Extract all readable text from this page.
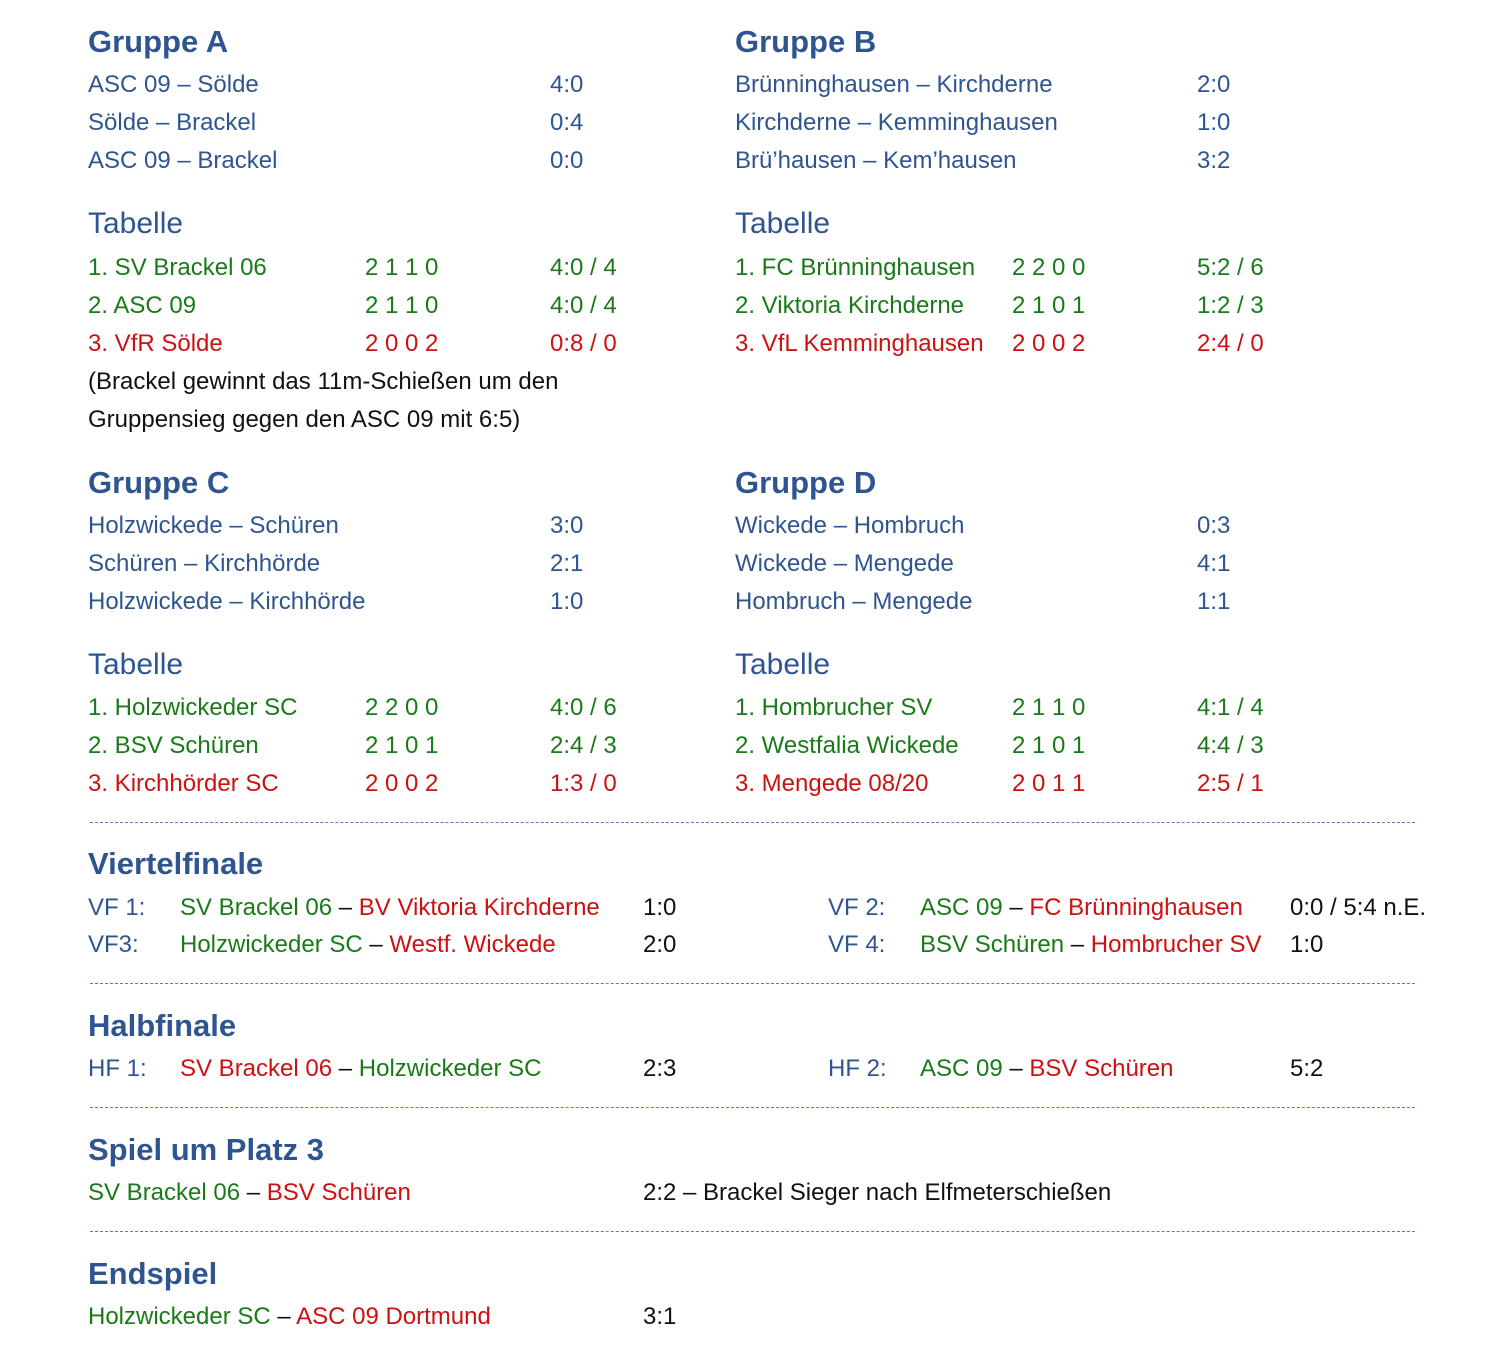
Gruppe A
ASC 09 – Sölde	4:0
Sölde – Brackel	0:4
ASC 09 – Brackel	0:0
Tabelle
1. SV Brackel 06	2 1 1 0	4:0 / 4
2. ASC 09	2 1 1 0	4:0 / 4
3. VfR Sölde	2 0 0 2	0:8 / 0
(Brackel gewinnt das 11m-Schießen um den
Gruppensieg gegen den ASC 09 mit 6:5)
Gruppe B
Brünninghausen – Kirchderne	2:0
Kirchderne – Kemminghausen	1:0
Brü’hausen – Kem’hausen	3:2
Tabelle
1. FC Brünninghausen 2 2 0 0	5:2 / 6
2. Viktoria Kirchderne 2 1 0 1	1:2 / 3
3. VfL Kemminghausen 2 0 0 2	2:4 / 0
Gruppe C
Holzwickede – Schüren	3:0
Schüren – Kirchhörde	2:1
Holzwickede – Kirchhörde	1:0
Tabelle
1. Holzwickeder SC	2 2 0 0	4:0 / 6
2. BSV Schüren	2 1 0 1	2:4 / 3
3. Kirchhörder SC	2 0 0 2	1:3 / 0
Gruppe D
Wickede – Hombruch	0:3
Wickede – Mengede	4:1
Hombruch – Mengede	1:1
Tabelle
1. Hombrucher SV	2 1 1 0	4:1 / 4
2. Westfalia Wickede 2 1 0 1	4:4 / 3
3. Mengede 08/20	2 0 1 1	2:5 / 1
Viertelfinale
VF 1: SV Brackel 06 – BV Viktoria Kirchderne 1:0	VF 2: ASC 09 – FC Brünninghausen 0:0 / 5:4 n.E.
VF3: Holzwickeder SC – Westf. Wickede	2:0	VF 4: BSV Schüren – Hombrucher SV 1:0
Halbfinale
HF 1: SV Brackel 06 – Holzwickeder SC	2:3	HF 2: ASC 09 – BSV Schüren	5:2
Spiel um Platz 3
SV Brackel 06 – BSV Schüren	2:2 – Brackel Sieger nach Elfmeterschießen
Endspiel
Holzwickeder SC – ASC 09 Dortmund	3:1
